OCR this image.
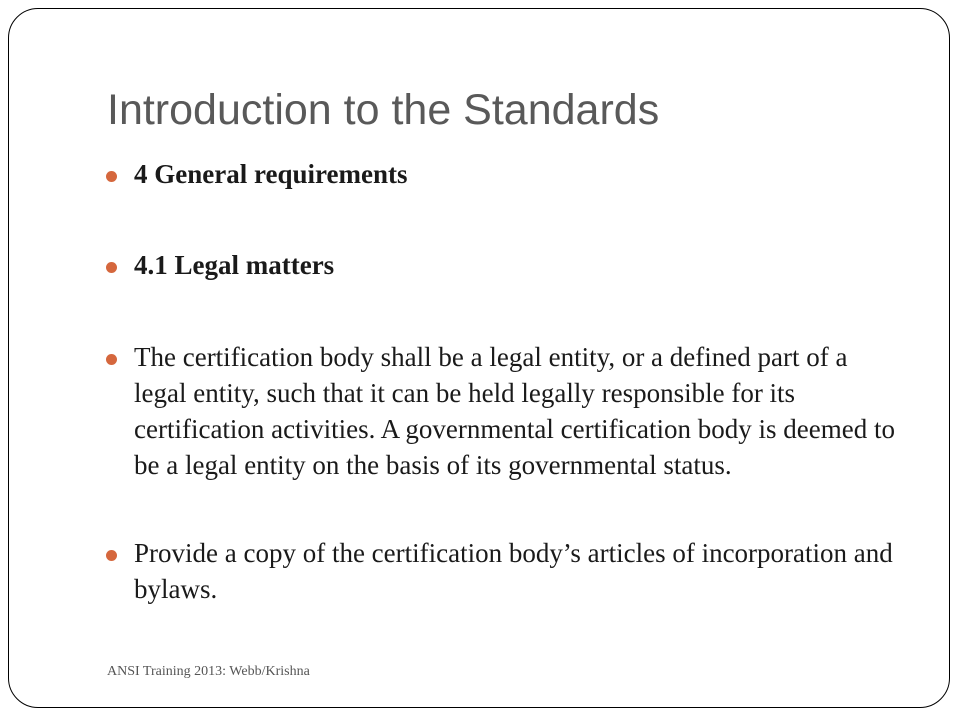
Introduction to the Standards
4 General requirements
4.1 Legal matters
The certification body shall be a legal entity, or a defined part of a legal entity, such that it can be held legally responsible for its certification activities. A governmental certification body is deemed to be a legal entity on the basis of its governmental status.
Provide a copy of the certification body’s articles of incorporation and bylaws.
ANSI Training 2013: Webb/Krishna
